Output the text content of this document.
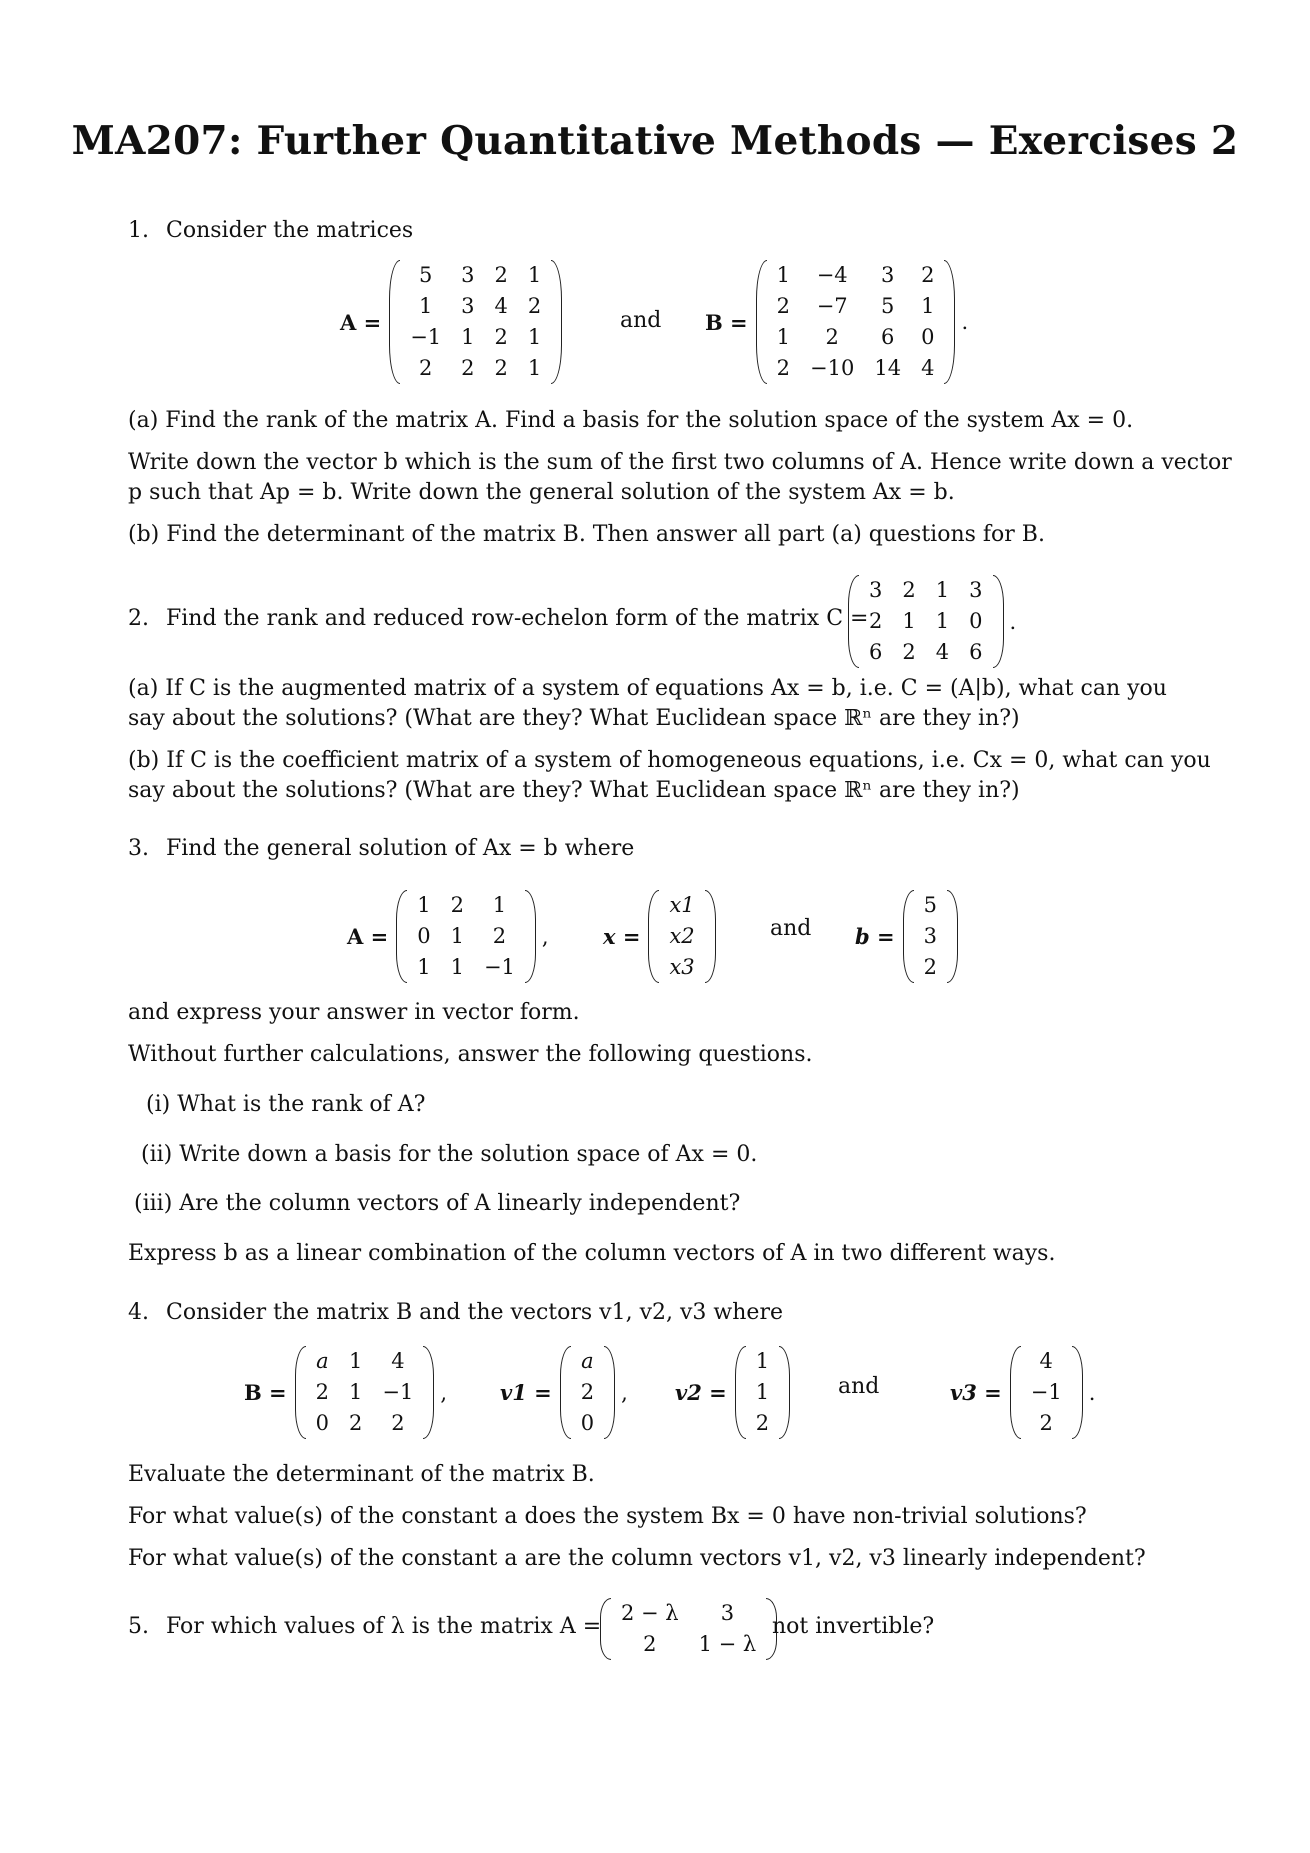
MA207: Further Quantitative Methods — Exercises 2
1. Consider the matrices
A =
5	3	2	1
1	3	4	2
−1	1	2	1
2	2	2	1
and B =
1	−4	3	2
2	−7	5	1
1	2	6	0
2	−10	14	4
.
(a) Find the rank of the matrix A. Find a basis for the solution space of the system Ax = 0.
Write down the vector b which is the sum of the first two columns of A. Hence write down a vector
p such that Ap = b. Write down the general solution of the system Ax = b.
(b) Find the determinant of the matrix B. Then answer all part (a) questions for B.
2. Find the rank and reduced row-echelon form of the matrix C =
3	2	1	3
2	1	1	0
6	2	4	6
.
(a) If C is the augmented matrix of a system of equations Ax = b, i.e. C = (A|b), what can you
say about the solutions? (What are they? What Euclidean space ℝⁿ are they in?)
(b) If C is the coefficient matrix of a system of homogeneous equations, i.e. Cx = 0, what can you
say about the solutions? (What are they? What Euclidean space ℝⁿ are they in?)
3. Find the general solution of Ax = b where
A =
1	2	1
0	1	2
1	1	−1
,	x =
x1
x2
x3
and b =
5
3
2
and express your answer in vector form.
Without further calculations, answer the following questions.
(i) What is the rank of A?
(ii) Write down a basis for the solution space of Ax = 0.
(iii) Are the column vectors of A linearly independent?
Express b as a linear combination of the column vectors of A in two different ways.
4. Consider the matrix B and the vectors v1, v2, v3 where
B =
a	1	4
2	1	−1
0	2	2
,	v1 =
a
2
0
, v2 =
1
1
2
and	v3 =
4
−1
2
.
Evaluate the determinant of the matrix B.
For what value(s) of the constant a does the system Bx = 0 have non-trivial solutions?
For what value(s) of the constant a are the column vectors v1, v2, v3 linearly independent?
5. For which values of λ is the matrix A =
2 − λ	3
2	1 − λ
not invertible?
